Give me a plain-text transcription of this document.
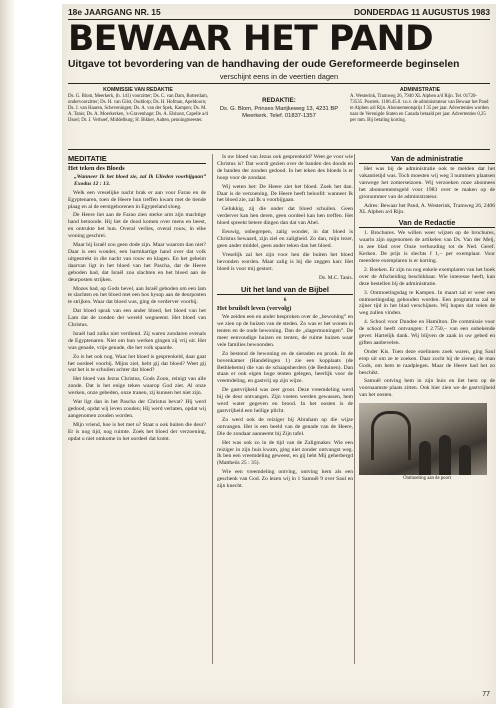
18e JAARGANG NR. 15	DONDERDAG 11 AUGUSTUS 1983
BEWAAR HET PAND
Uitgave tot bevordering van de handhaving der oude Gereformeerde beginselen
verschijnt eens in de veertien dagen
KOMMISSIE VAN REDAKTIE
Ds. G. Blom, Meerkerk, (h. 141) voorzitter; Ds. C. van Dam, Rotterdam, ondervoorzitter; Ds. H. van Gilst, Ouddorp; Ds. H. Hofman, Apeldoorn; Ds. J. van Haaren, Scheveningen; Ds. A. van der Spek, Kampen; Ds. M. A. Tanis; Ds. A. Moerkerken, 's-Gravenhage; Ds. A. Elshout, Capelle a/d IJssel; Dr. J. Verhoef, Middelburg; H. Bikker, Aalten, penningmeester.
REDAKTIE:
Ds. G. Blom, Prinses Marijkeweg 13, 4231 BP Meerkerk. Telef. 01837-1357
ADMINISTRATIE
A. Westerink, Tramweg 26, 7940 XL Alphen a/d Rijn. Tel. 01720-73535. Postrek. 1106.45.0. t.n.v. de administrateur van Bewaar het Pand te Alphen a/d Rijn. Abonnementsprijs f 35 per jaar. Advertenties worden naar de Verenigde Staten en Canada betaald per jaar. Advertenties 0,25 per mm. Bij betaling korting.
MEDITATIE
Het teken des Bloeds
„Wanneer Ik het bloed zie, zal Ik Ulieden voorbijgaan” Exodus 12 : 13.

Welk een vreselijke nacht brak er aan voor Farao en de Egyptenaren, toen de Heere hun treffen kwam met de tiende plaag en al de eerstgeborenen in Egypteland sloeg.

De Heere liet aan de Farao zien sterke arm zijn machtige hand betoonde. Hij liet de dood komen over mens en beest, en ontrukte het hun. Overal verlies, overal rouw, in elke woning geschrei.

Maar bij Israël zou geen dode zijn. Maar waarom dan niet? Daar is een wonder, een barmhartige hand over dat volk uitgestrekt in die nacht van rouw en klagen. En het geheim daarvan ligt in het bloed van het Pascha, dat de Heere geboden had, dat Israël zou slachten en het bloed aan de deurposten strijken.

Mozes had, op Gods bevel, aan Israël geboden om een lam te slachten en het bloed met een bos hysop aan de deurposten te strijken. Waar dat bloed was, ging de verderver voorbij.

Dat bloed sprak van een ander bloed, het bloed van het Lam dat de zonden der wereld wegneemt. Het bloed van Christus.

Israël had zulks niet verdiend. Zij waren zondaren evenals de Egyptenaren. Niet om hun werken gingen zij vrij uit. Het was genade, vrije genade, die het volk spaarde.

Zo is het ook nog. Waar het bloed is gesprenkeld, daar gaat het oordeel voorbij. Mijns ziel, hebt gij dat bloed? Weet gij wat het is te schuilen achter dat bloed?

Het bloed van Jezus Christus, Gods Zoon, reinigt van alle zonde. Dat is het enige teken waarop God ziet. Al onze werken, onze gebeden, onze tranen, zij kunnen het niet zijn.

Wat ligt dan in het Pascha der Christus bevat? Hij werd gedood, opdat wij leven zouden; Hij werd verlaten, opdat wij aangenomen zouden worden.

Mijn vriend, hoe is het met u? Staat u ook buiten die deur? Er is nog tijd, nog ruimte. Zoek het bloed der verzoening, opdat u niet omkome in het oordeel dat komt.

Is uw bloed van Jezus ook gesprenkeld? Weet ge voor wie Christus is? Dat wordt gezien over de banden des doods en de banden der zonden gedood. In het teken des bloeds is er hoop voor de zondaar.

Wij weten het: De Heere ziet het bloed. Zoek het dan. Daar is de verzoening. De Heere heeft beloofd: wanneer Ik het bloed zie, zal Ik u voorbijgaan.

Gelukkig, zij die onder dat bloed schuilen. Geen verderver kan hen deren, geen oordeel kan hen treffen. Het bloed spreekt betere dingen dan dat van Abel.

Eeuwig, onbegrepen, zalig wonder, in dat bloed is Christus bewaard, zijn ziel en zaligheid. Zo dan, mijn lezer, geen ander middel, geen ander teken dan het bloed.

Vreselijk zal het zijn voor hen die buiten het bloed bevonden worden. Maar zalig is hij die zeggen kan: Het bloed is voor mij gestort.

Ds. M.C. Tanis.
Uit het land van de Bijbel
6
Het bruiloft leven (vervolg)

We zeiden een en ander besproken over de „bewoning” en we zien op de huizen van de steden. Zo was er het wonen in tenten en de oude bewoning. Dan de „slagermoningen”. De meer eenvoudige huizen en tenten, de ruime huizen waar vele families bewoonden.

Zo bestond de bewoning en de sieraden en pronk. In de bovenkamer (Handelingen 1) zie een kopplaats (de Bethlehems) die van de schaapsherders (de Beduinen). Dan staan er ook eigen hoge tenten gelegen, heerlijk voor de vreemdeling, en gastvrij op zijn wijze.

De gastvrijheid was zeer groot. Deze vreemdeling werd bij de deur ontvangen. Zijn voeten werden gewassen, hem werd water gegeven en brood. In het oosten is de gastvrijheid een heilige plicht.

Zo werd ook de reiziger bij Abraham op die wijze ontvangen. Het is een beeld van de genade van de Heere, Die de zondaar aanneemt bij Zijn tafel.

Het was ook zo in de tijd van de Zaligmaker. Wie een reiziger in zijn huis kwam, ging niet zonder ontvangst weg. Ik ben een vreemdeling geweest, en gij hebt Mij geherbergd (Mattheüs 25 : 35).

Wie een vreemdeling ontving, ontving hem als een geschenk van God. Zo lezen wij in 1 Samuël 9 over Saul en zijn knecht.

Van de administratie

Het was bij de administratie ook te melden dat het vakantietijd was. Toch moesten wij weg 3 nummers plaatsen vanwege het zomerseizoen. Wij verzoeken onze abonnees het abonnementsgeld voor 1983 over te maken op de gironummer van de administrateur.

Adres: Bewaar het Pand, A. Westerink, Tramweg 26, 2406 XL Alphen a/d Rijn.

Van de Redactie

1. Brochures. We willen weer wijzen op de brochures, waarin zijn opgenomen de artikelen van Ds. Van der Meij, in zee blad over Onze verhouding tot de Ned. Geref. Kerken. De prijs is slechts f 1,– per exemplaar. Voor meerdere exemplaren is er korting.

2. Boeken. Er zijn nu nog enkele exemplaren van het boek over de Afscheiding beschikbaar. Wie interesse heeft, kan deze bestellen bij de administratie.

3. Ontmoetingsdag te Kampen. In maart zal er weer een ontmoetingsdag gehouden worden. Een programma zal te zijner tijd in het blad verschijnen. Wij hopen dat velen de weg zullen vinden.

4. School voor Dundee en Hamilton. De commissie voor de school heeft ontvangen: f 2.750,– van een onbekende gever. Hartelijk dank. Wij blijven de zaak in uw gebed en giften aanbevelen.

Onder Kis. Toen deze ezelinnen zoek waren, ging Saul erop uit om ze te zoeken. Daar zocht hij de ziener, de man Gods, om hem te raadplegen. Maar de Heere had het zo beschikt.

Samuël ontving hem in zijn huis en liet hem op de voornaamste plaats zitten. Ook hier zien we de gastvrijheid van het oosten.

Ontmoeting aan de poort
77
